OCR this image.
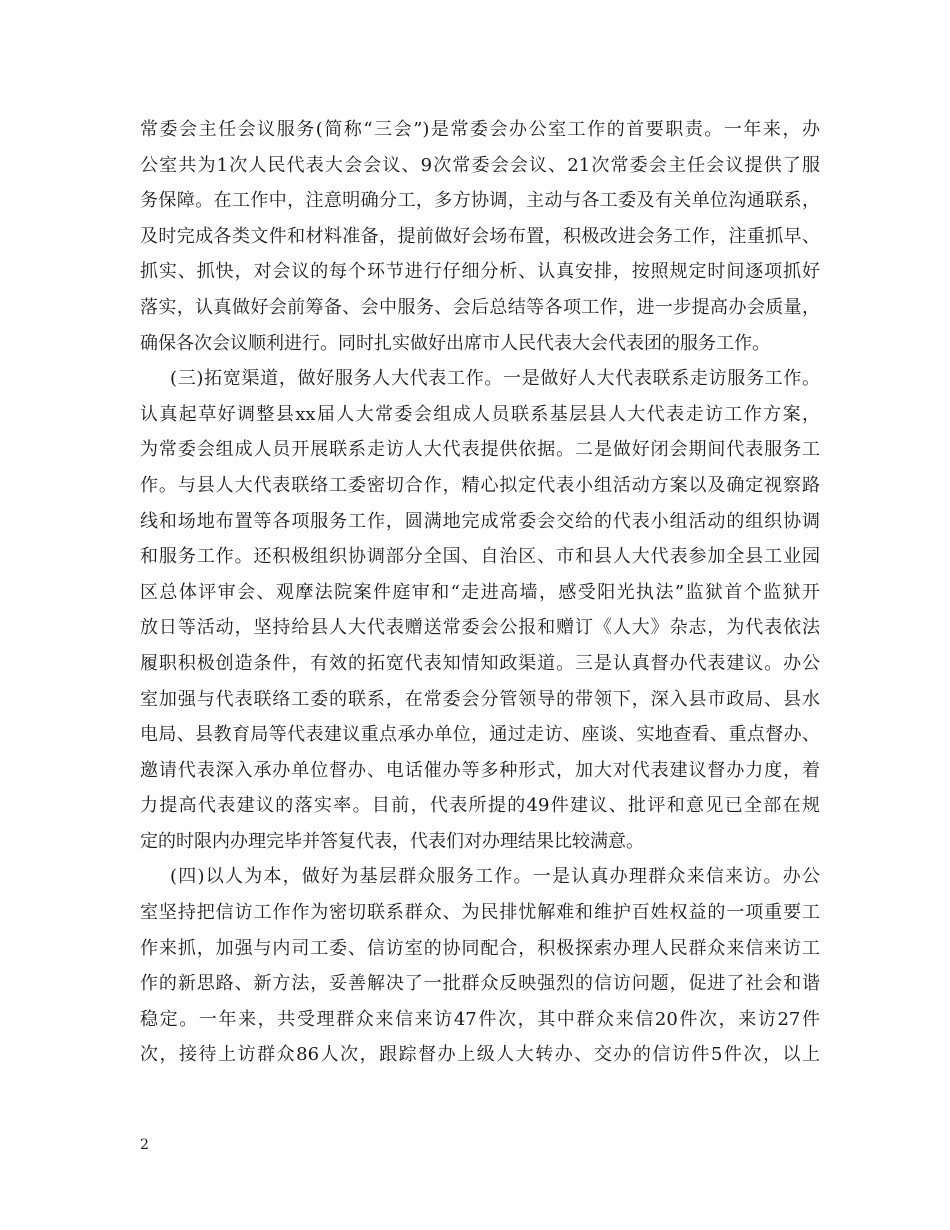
常委会主任会议服务(简称“三会”)是常委会办公室工作的首要职责。一年来，办
公室共为1次人民代表大会会议、9次常委会会议、21次常委会主任会议提供了服
务保障。在工作中，注意明确分工，多方协调，主动与各工委及有关单位沟通联系，
及时完成各类文件和材料准备，提前做好会场布置，积极改进会务工作，注重抓早、
抓实、抓快，对会议的每个环节进行仔细分析、认真安排，按照规定时间逐项抓好
落实，认真做好会前筹备、会中服务、会后总结等各项工作，进一步提高办会质量，
确保各次会议顺利进行。同时扎实做好出席市人民代表大会代表团的服务工作。
(三)拓宽渠道，做好服务人大代表工作。一是做好人大代表联系走访服务工作。
认真起草好调整县xx届人大常委会组成人员联系基层县人大代表走访工作方案，
为常委会组成人员开展联系走访人大代表提供依据。二是做好闭会期间代表服务工
作。与县人大代表联络工委密切合作，精心拟定代表小组活动方案以及确定视察路
线和场地布置等各项服务工作，圆满地完成常委会交给的代表小组活动的组织协调
和服务工作。还积极组织协调部分全国、自治区、市和县人大代表参加全县工业园
区总体评审会、观摩法院案件庭审和“走进高墙，感受阳光执法”监狱首个监狱开
放日等活动，坚持给县人大代表赠送常委会公报和赠订《人大》杂志，为代表依法
履职积极创造条件，有效的拓宽代表知情知政渠道。三是认真督办代表建议。办公
室加强与代表联络工委的联系，在常委会分管领导的带领下，深入县市政局、县水
电局、县教育局等代表建议重点承办单位，通过走访、座谈、实地查看、重点督办、
邀请代表深入承办单位督办、电话催办等多种形式，加大对代表建议督办力度，着
力提高代表建议的落实率。目前，代表所提的49件建议、批评和意见已全部在规
定的时限内办理完毕并答复代表，代表们对办理结果比较满意。
(四)以人为本，做好为基层群众服务工作。一是认真办理群众来信来访。办公
室坚持把信访工作作为密切联系群众、为民排忧解难和维护百姓权益的一项重要工
作来抓，加强与内司工委、信访室的协同配合，积极探索办理人民群众来信来访工
作的新思路、新方法，妥善解决了一批群众反映强烈的信访问题，促进了社会和谐
稳定。一年来，共受理群众来信来访47件次，其中群众来信20件次，来访27件
次，接待上访群众86人次，跟踪督办上级人大转办、交办的信访件5件次，以上
2
